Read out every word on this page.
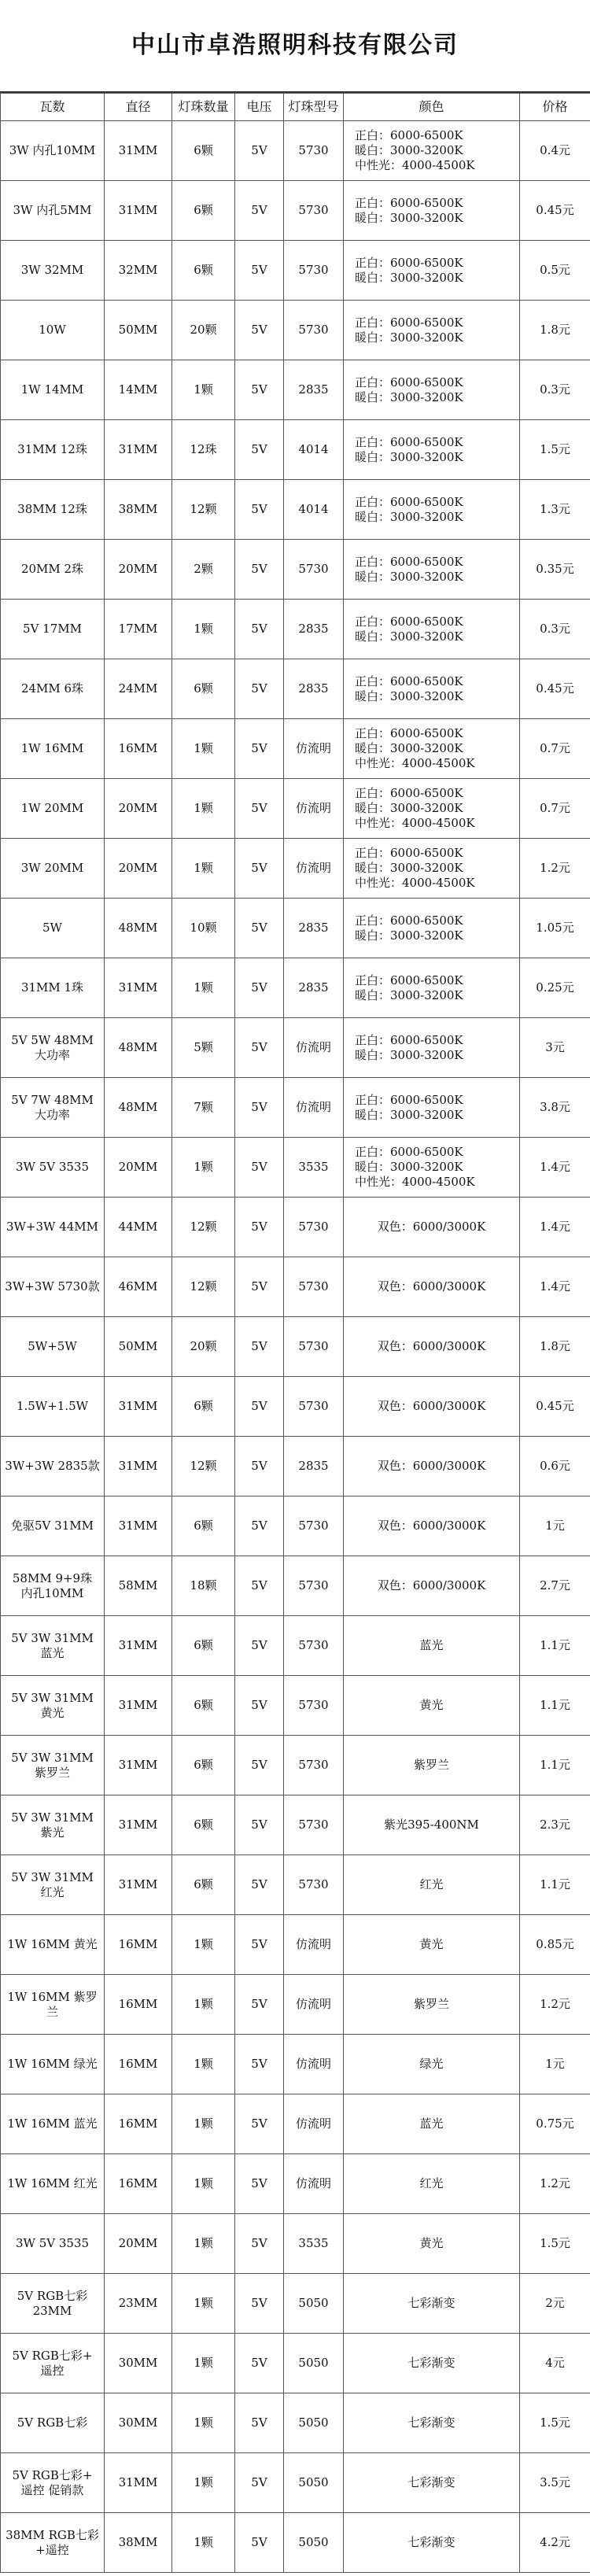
中山市卓浩照明科技有限公司
瓦数	直径	灯珠数量	电压	灯珠型号	颜色	价格
3W 内孔10MM	31MM	6颗	5V	5730	正白：6000-6500K
暖白：3000-3200K
中性光：4000-4500K	0.4元
3W 内孔5MM	31MM	6颗	5V	5730	正白：6000-6500K
暖白：3000-3200K	0.45元
3W 32MM	32MM	6颗	5V	5730	正白：6000-6500K
暖白：3000-3200K	0.5元
10W	50MM	20颗	5V	5730	正白：6000-6500K
暖白：3000-3200K	1.8元
1W 14MM	14MM	1颗	5V	2835	正白：6000-6500K
暖白：3000-3200K	0.3元
31MM 12珠	31MM	12珠	5V	4014	正白：6000-6500K
暖白：3000-3200K	1.5元
38MM 12珠	38MM	12颗	5V	4014	正白：6000-6500K
暖白：3000-3200K	1.3元
20MM 2珠	20MM	2颗	5V	5730	正白：6000-6500K
暖白：3000-3200K	0.35元
5V 17MM	17MM	1颗	5V	2835	正白：6000-6500K
暖白：3000-3200K	0.3元
24MM 6珠	24MM	6颗	5V	2835	正白：6000-6500K
暖白：3000-3200K	0.45元
1W 16MM	16MM	1颗	5V	仿流明	正白：6000-6500K
暖白：3000-3200K
中性光：4000-4500K	0.7元
1W 20MM	20MM	1颗	5V	仿流明	正白：6000-6500K
暖白：3000-3200K
中性光：4000-4500K	0.7元
3W 20MM	20MM	1颗	5V	仿流明	正白：6000-6500K
暖白：3000-3200K
中性光：4000-4500K	1.2元
5W	48MM	10颗	5V	2835	正白：6000-6500K
暖白：3000-3200K	1.05元
31MM 1珠	31MM	1颗	5V	2835	正白：6000-6500K
暖白：3000-3200K	0.25元
5V 5W 48MM
大功率	48MM	5颗	5V	仿流明	正白：6000-6500K
暖白：3000-3200K	3元
5V 7W 48MM
大功率	48MM	7颗	5V	仿流明	正白：6000-6500K
暖白：3000-3200K	3.8元
3W 5V 3535	20MM	1颗	5V	3535	正白：6000-6500K
暖白：3000-3200K
中性光：4000-4500K	1.4元
3W+3W 44MM	44MM	12颗	5V	5730	双色：6000/3000K	1.4元
3W+3W 5730款	46MM	12颗	5V	5730	双色：6000/3000K	1.4元
5W+5W	50MM	20颗	5V	5730	双色：6000/3000K	1.8元
1.5W+1.5W	31MM	6颗	5V	5730	双色：6000/3000K	0.45元
3W+3W 2835款	31MM	12颗	5V	2835	双色：6000/3000K	0.6元
免驱5V 31MM	31MM	6颗	5V	5730	双色：6000/3000K	1元
58MM 9+9珠
内孔10MM	58MM	18颗	5V	5730	双色：6000/3000K	2.7元
5V 3W 31MM
蓝光	31MM	6颗	5V	5730	蓝光	1.1元
5V 3W 31MM
黄光	31MM	6颗	5V	5730	黄光	1.1元
5V 3W 31MM
紫罗兰	31MM	6颗	5V	5730	紫罗兰	1.1元
5V 3W 31MM
紫光	31MM	6颗	5V	5730	紫光395-400NM	2.3元
5V 3W 31MM
红光	31MM	6颗	5V	5730	红光	1.1元
1W 16MM 黄光	16MM	1颗	5V	仿流明	黄光	0.85元
1W 16MM 紫罗
兰	16MM	1颗	5V	仿流明	紫罗兰	1.2元
1W 16MM 绿光	16MM	1颗	5V	仿流明	绿光	1元
1W 16MM 蓝光	16MM	1颗	5V	仿流明	蓝光	0.75元
1W 16MM 红光	16MM	1颗	5V	仿流明	红光	1.2元
3W 5V 3535	20MM	1颗	5V	3535	黄光	1.5元
5V RGB七彩
23MM	23MM	1颗	5V	5050	七彩渐变	2元
5V RGB七彩+
遥控	30MM	1颗	5V	5050	七彩渐变	4元
5V RGB七彩	30MM	1颗	5V	5050	七彩渐变	1.5元
5V RGB七彩+
遥控 促销款	31MM	1颗	5V	5050	七彩渐变	3.5元
38MM RGB七彩
+遥控	38MM	1颗	5V	5050	七彩渐变	4.2元
